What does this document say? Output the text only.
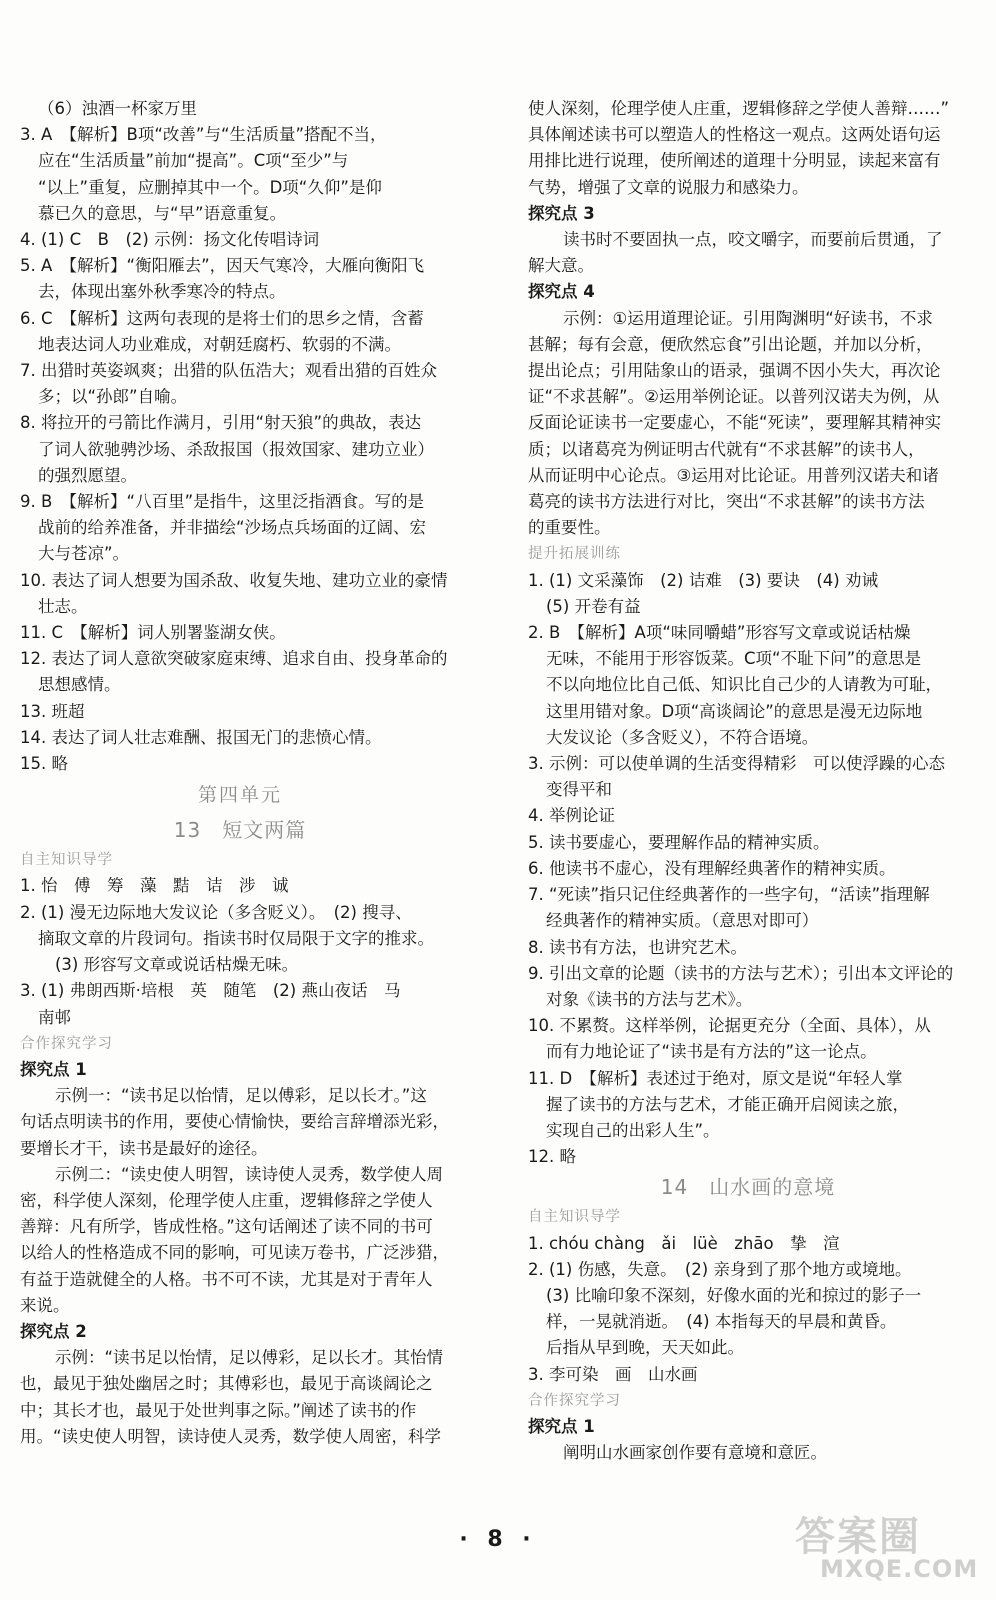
（6）浊酒一杯家万里
3. A　【解析】B项“改善”与“生活质量”搭配不当，
应在“生活质量”前加“提高”。C项“至少”与
“以上”重复，应删掉其中一个。D项“久仰”是仰
慕已久的意思，与“早”语意重复。
4. (1) C　B　(2) 示例：扬文化传唱诗词
5. A　【解析】“衡阳雁去”，因天气寒冷，大雁向衡阳飞
去，体现出塞外秋季寒冷的特点。
6. C　【解析】这两句表现的是将士们的思乡之情，含蓄
地表达词人功业难成，对朝廷腐朽、软弱的不满。
7. 出猎时英姿飒爽；出猎的队伍浩大；观看出猎的百姓众
多；以“孙郎”自喻。
8. 将拉开的弓箭比作满月，引用“射天狼”的典故，表达
了词人欲驰骋沙场、杀敌报国（报效国家、建功立业）
的强烈愿望。
9. B　【解析】“八百里”是指牛，这里泛指酒食。写的是
战前的给养准备，并非描绘“沙场点兵场面的辽阔、宏
大与苍凉”。
10. 表达了词人想要为国杀敌、收复失地、建功立业的豪情
壮志。
11. C　【解析】词人别署鉴湖女侠。
12. 表达了词人意欲突破家庭束缚、追求自由、投身革命的
思想感情。
13. 班超
14. 表达了词人壮志难酬、报国无门的悲愤心情。
15. 略
第四单元
13　短文两篇
自主知识导学
1. 怡　傅　筹　藻　黠　诘　涉　诚
2. (1) 漫无边际地大发议论（多含贬义）。　(2) 搜寻、
摘取文章的片段词句。指读书时仅局限于文字的推求。
(3) 形容写文章或说话枯燥无味。
3. (1) 弗朗西斯·培根　英　随笔　(2) 燕山夜话　马
南邨
合作探究学习
探究点 1
示例一：“读书足以怡情，足以傅彩，足以长才。”这
句话点明读书的作用，要使心情愉快，要给言辞增添光彩，
要增长才干，读书是最好的途径。
示例二：“读史使人明智，读诗使人灵秀，数学使人周
密，科学使人深刻，伦理学使人庄重，逻辑修辞之学使人
善辩：凡有所学，皆成性格。”这句话阐述了读不同的书可
以给人的性格造成不同的影响，可见读万卷书，广泛涉猎，
有益于造就健全的人格。书不可不读，尤其是对于青年人
来说。
探究点 2
示例：“读书足以怡情，足以傅彩，足以长才。其怡情
也，最见于独处幽居之时；其傅彩也，最见于高谈阔论之
中；其长才也，最见于处世判事之际。”阐述了读书的作
用。“读史使人明智，读诗使人灵秀，数学使人周密，科学
使人深刻，伦理学使人庄重，逻辑修辞之学使人善辩……”
具体阐述读书可以塑造人的性格这一观点。这两处语句运
用排比进行说理，使所阐述的道理十分明显，读起来富有
气势，增强了文章的说服力和感染力。
探究点 3
读书时不要固执一点，咬文嚼字，而要前后贯通，了
解大意。
探究点 4
示例：①运用道理论证。引用陶渊明“好读书，不求
甚解；每有会意，便欣然忘食”引出论题，并加以分析，
提出论点；引用陆象山的语录，强调不因小失大，再次论
证“不求甚解”。②运用举例论证。以普列汉诺夫为例，从
反面论证读书一定要虚心，不能“死读”，要理解其精神实
质；以诸葛亮为例证明古代就有“不求甚解”的读书人，
从而证明中心论点。③运用对比论证。用普列汉诺夫和诸
葛亮的读书方法进行对比，突出“不求甚解”的读书方法
的重要性。
提升拓展训练
1. (1) 文采藻饰　(2) 诘难　(3) 要诀　(4) 劝诫
(5) 开卷有益
2. B　【解析】A项“味同嚼蜡”形容写文章或说话枯燥
无味，不能用于形容饭菜。C项“不耻下问”的意思是
不以向地位比自己低、知识比自己少的人请教为可耻，
这里用错对象。D项“高谈阔论”的意思是漫无边际地
大发议论（多含贬义），不符合语境。
3. 示例：可以使单调的生活变得精彩　可以使浮躁的心态
变得平和
4. 举例论证
5. 读书要虚心，要理解作品的精神实质。
6. 他读书不虚心，没有理解经典著作的精神实质。
7. “死读”指只记住经典著作的一些字句，“活读”指理解
经典著作的精神实质。（意思对即可）
8. 读书有方法，也讲究艺术。
9. 引出文章的论题（读书的方法与艺术）；引出本文评论的
对象《读书的方法与艺术》。
10. 不累赘。这样举例，论据更充分（全面、具体），从
而有力地论证了“读书是有方法的”这一论点。
11. D　【解析】表述过于绝对，原文是说“年轻人掌
握了读书的方法与艺术，才能正确开启阅读之旅，
实现自己的出彩人生”。
12. 略
14　山水画的意境
自主知识导学
1. chóu chàng　ǎi　lüè　zhāo　挚　渲
2. (1) 伤感，失意。　(2) 亲身到了那个地方或境地。
(3) 比喻印象不深刻，好像水面的光和掠过的影子一
样，一晃就消逝。　(4) 本指每天的早晨和黄昏。
后指从早到晚，天天如此。
3. 李可染　画　山水画
合作探究学习
探究点 1
阐明山水画家创作要有意境和意匠。
· 8 ·	答案圈
MXQE.COM
